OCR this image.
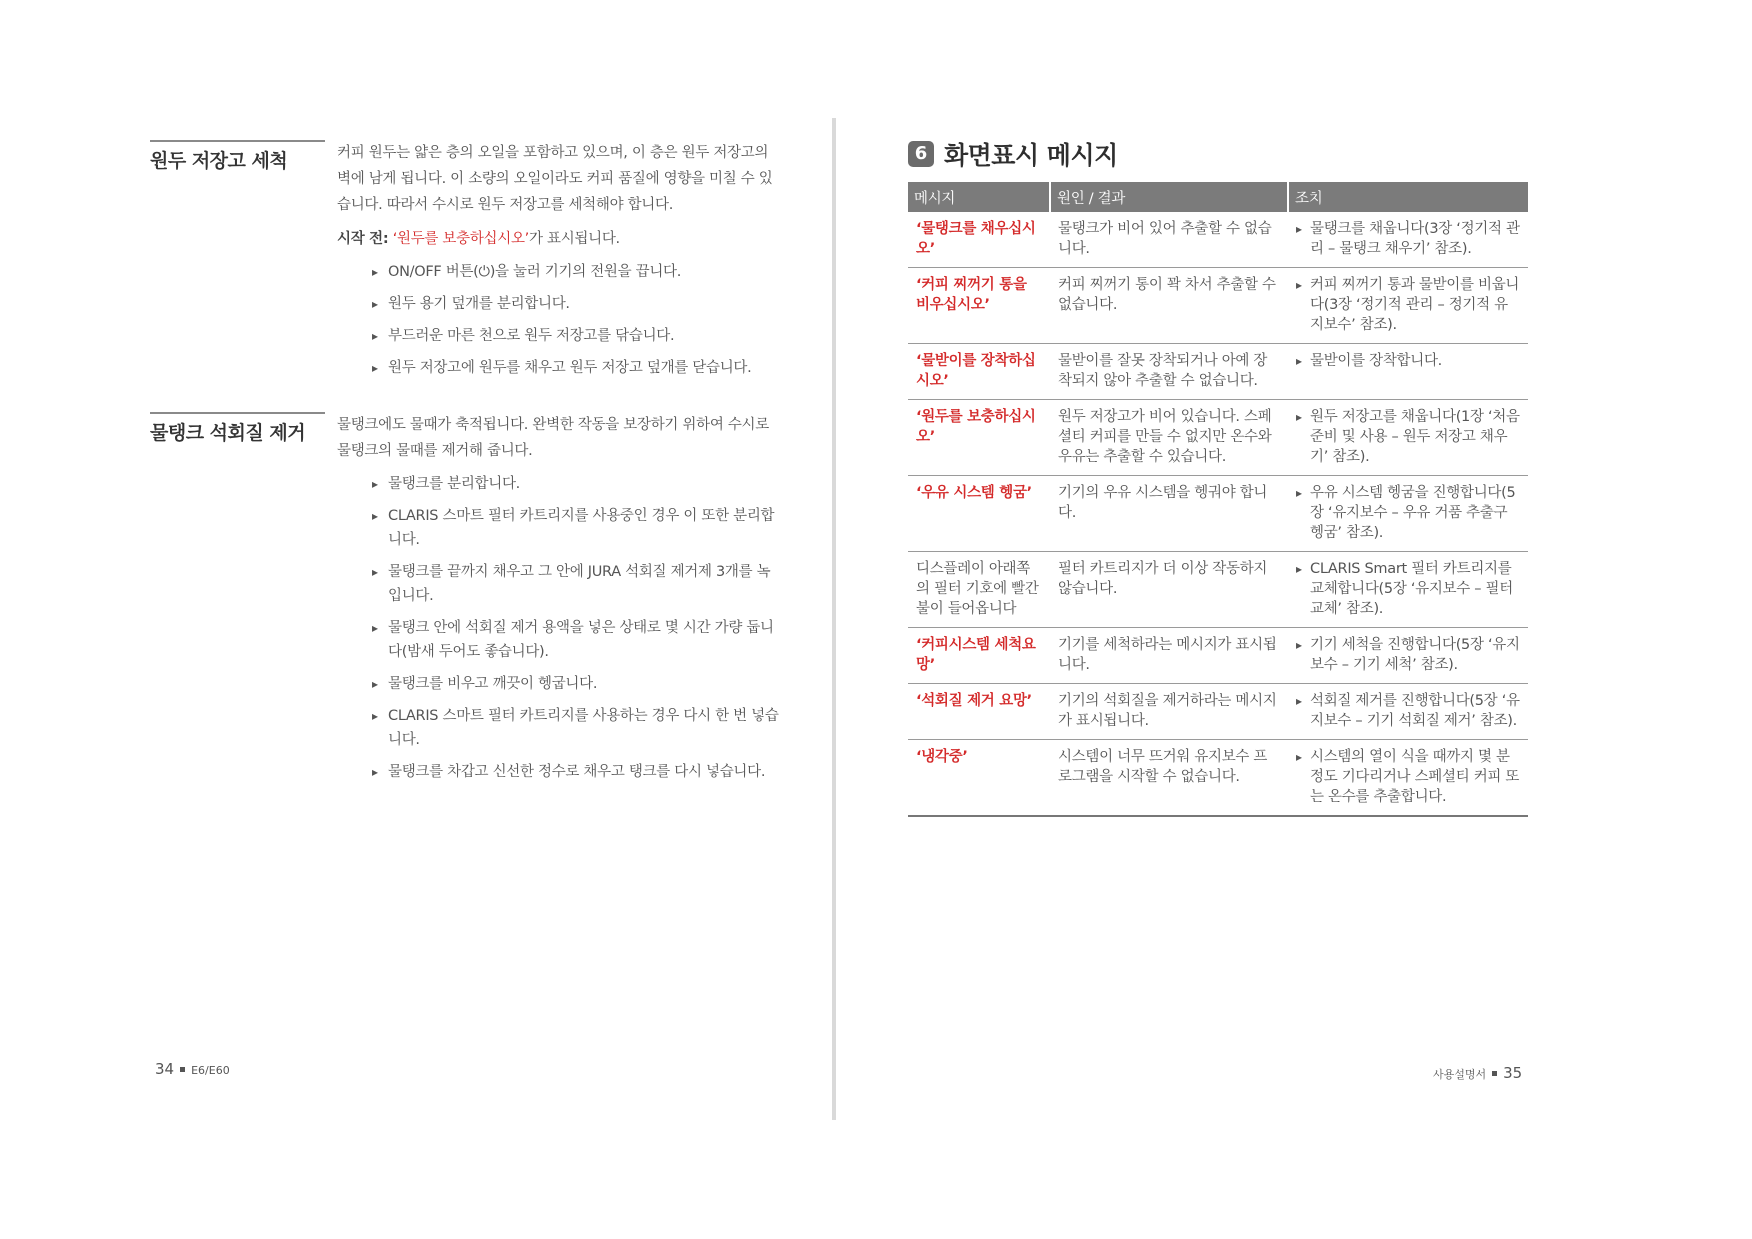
원두 저장고 세척	커피 원두는 얇은 층의 오일을 포함하고 있으며, 이 층은 원두 저장고의 벽에 남게 됩니다. 이 소량의 오일이라도 커피 품질에 영향을 미칠 수 있습니다. 따라서 수시로 원두 저장고를 세척해야 합니다.

시작 전: ‘원두를 보충하십시오’가 표시됩니다.

▸ ON/OFF 버튼(⏻)을 눌러 기기의 전원을 끕니다.
▸ 원두 용기 덮개를 분리합니다.
▸ 부드러운 마른 천으로 원두 저장고를 닦습니다.
▸ 원두 저장고에 원두를 채우고 원두 저장고 덮개를 닫습니다.
물탱크 석회질 제거	물탱크에도 물때가 축적됩니다. 완벽한 작동을 보장하기 위하여 수시로 물탱크의 물때를 제거해 줍니다.

▸ 물탱크를 분리합니다.
▸ CLARIS 스마트 필터 카트리지를 사용중인 경우 이 또한 분리합니다.
▸ 물탱크를 끝까지 채우고 그 안에 JURA 석회질 제거제 3개를 녹입니다.
▸ 물탱크 안에 석회질 제거 용액을 넣은 상태로 몇 시간 가량 둡니다(밤새 두어도 좋습니다).
▸ 물탱크를 비우고 깨끗이 헹굽니다.
▸ CLARIS 스마트 필터 카트리지를 사용하는 경우 다시 한 번 넣습니다.
▸ 물탱크를 차갑고 신선한 정수로 채우고 탱크를 다시 넣습니다.
34 E6/E60
6 화면표시 메시지
메시지	원인 / 결과	조치
‘물탱크를 채우십시오’	물탱크가 비어 있어 추출할 수 없습니다.	▸ 물탱크를 채웁니다(3장 ‘정기적 관리 – 물탱크 채우기’ 참조).
‘커피 찌꺼기 통을 비우십시오’	커피 찌꺼기 통이 꽉 차서 추출할 수 없습니다.	▸ 커피 찌꺼기 통과 물받이를 비웁니다(3장 ‘정기적 관리 – 정기적 유지보수’ 참조).
‘물받이를 장착하십시오’	물받이를 잘못 장착되거나 아예 장착되지 않아 추출할 수 없습니다.	▸ 물받이를 장착합니다.
‘원두를 보충하십시오’	원두 저장고가 비어 있습니다. 스페셜티 커피를 만들 수 없지만 온수와 우유는 추출할 수 있습니다.	▸ 원두 저장고를 채웁니다(1장 ‘처음 준비 및 사용 – 원두 저장고 채우기’ 참조).
‘우유 시스템 헹굼’	기기의 우유 시스템을 헹궈야 합니다.	▸ 우유 시스템 헹굼을 진행합니다(5장 ‘유지보수 – 우유 거품 추출구 헹굼’ 참조).
디스플레이 아래쪽의 필터 기호에 빨간 불이 들어옵니다	필터 카트리지가 더 이상 작동하지 않습니다.	▸ CLARIS Smart 필터 카트리지를 교체합니다(5장 ‘유지보수 – 필터 교체’ 참조).
‘커피시스템 세척요망’	기기를 세척하라는 메시지가 표시됩니다.	▸ 기기 세척을 진행합니다(5장 ‘유지보수 – 기기 세척’ 참조).
‘석회질 제거 요망’	기기의 석회질을 제거하라는 메시지가 표시됩니다.	▸ 석회질 제거를 진행합니다(5장 ‘유지보수 – 기기 석회질 제거’ 참조).
‘냉각중’	시스템이 너무 뜨거워 유지보수 프로그램을 시작할 수 없습니다.	▸ 시스템의 열이 식을 때까지 몇 분 정도 기다리거나 스페셜티 커피 또는 온수를 추출합니다.
사용설명서 35
